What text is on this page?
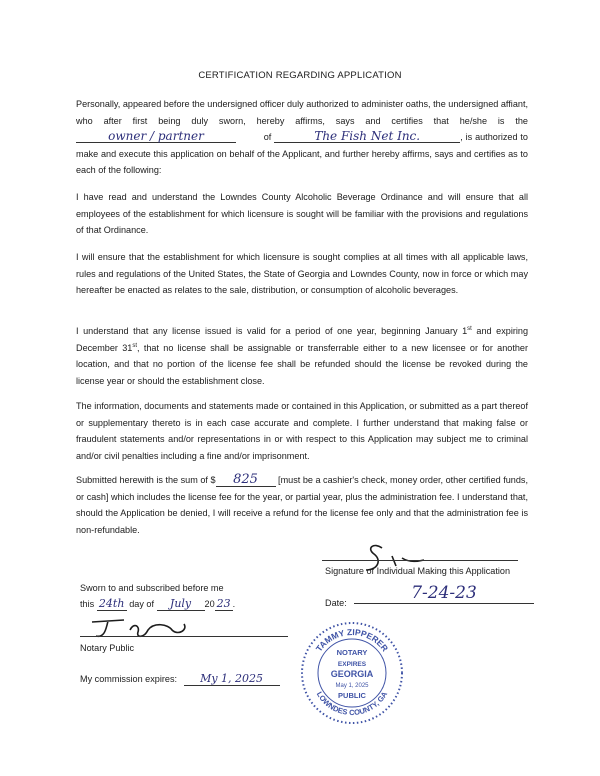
CERTIFICATION REGARDING APPLICATION
Personally, appeared before the undersigned officer duly authorized to administer oaths, the undersigned affiant, who after first being duly sworn, hereby affirms, says and certifies that he/she is the owner / partner	of	The Fish Net Inc.	, is authorized to make and execute this application on behalf of the Applicant, and further hereby affirms, says and certifies as to each of the following:
I have read and understand the Lowndes County Alcoholic Beverage Ordinance and will ensure that all employees of the establishment for which licensure is sought will be familiar with the provisions and regulations of that Ordinance.
I will ensure that the establishment for which licensure is sought complies at all times with all applicable laws, rules and regulations of the United States, the State of Georgia and Lowndes County, now in force or which may hereafter be enacted as relates to the sale, distribution, or consumption of alcoholic beverages.
I understand that any license issued is valid for a period of one year, beginning January 1st and expiring December 31st, that no license shall be assignable or transferrable either to a new licensee or for another location, and that no portion of the license fee shall be refunded should the license be revoked during the license year or should the establishment close.
The information, documents and statements made or contained in this Application, or submitted as a part thereof or supplementary thereto is in each case accurate and complete. I further understand that making false or fraudulent statements and/or representations in or with respect to this Application may subject me to criminal and/or civil penalties including a fine and/or imprisonment.
Submitted herewith is the sum of $ 825 [must be a cashier's check, money order, other certified funds, or cash] which includes the license fee for the year, or partial year, plus the administration fee. I understand that, should the Application be denied, I will receive a refund for the license fee only and that the administration fee is non-refundable.
Signature of Individual Making this Application
Date:	7-24-23
Sworn to and subscribed before me
this 24th day of July 20 23 .
Notary Public
My commission expires: My 1, 2025
TAMMY ZIPPERER
LOWNDES COUNTY, GA
NOTARY
EXPIRES
GEORGIA
May 1, 2025
PUBLIC
